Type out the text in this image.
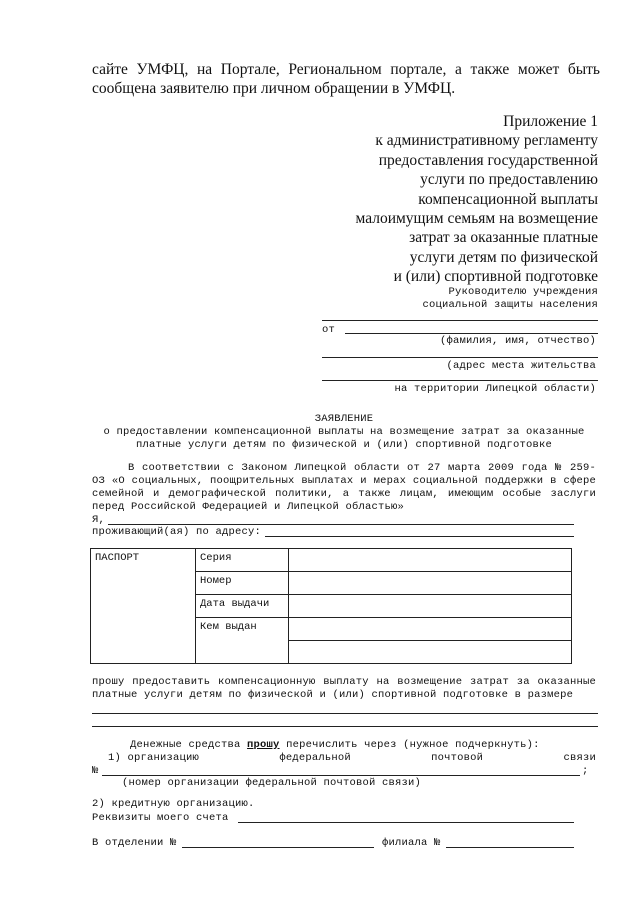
сайте УМФЦ, на Портале, Региональном портале, а также может быть сообщена заявителю при личном обращении в УМФЦ.
Приложение 1
к административному регламенту
предоставления государственной
услуги по предоставлению
компенсационной выплаты
малоимущим семьям на возмещение
затрат за оказанные платные
услуги детям по физической
и (или) спортивной подготовке
Руководителю учреждения
социальной защиты населения
от
(фамилия, имя, отчество)
(адрес места жительства
на территории Липецкой области)
ЗАЯВЛЕНИЕ
о предоставлении компенсационной выплаты на возмещение затрат за оказанные платные услуги детям по физической и (или) спортивной подготовке
В соответствии с Законом Липецкой области от 27 марта 2009 года № 259-ОЗ «О социальных, поощрительных выплатах и мерах социальной поддержки в сфере семейной и демографической политики, а также лицам, имеющим особые заслуги перед Российской Федерацией и Липецкой областью»
Я,
проживающий(ая) по адресу:
ПАСПОРТ	Серия	
	Номер	
	Дата выдачи	
	Кем выдан	

прошу предоставить компенсационную выплату на возмещение затрат за оказанные платные услуги детям по физической и (или) спортивной подготовке в размере
Денежные средства прошу перечислить через (нужное подчеркнуть):
1) организацию	федеральной	почтовой	связи
№	;
(номер организации федеральной почтовой связи)
2) кредитную организацию.
Реквизиты моего счета
В отделении №	филиала №
